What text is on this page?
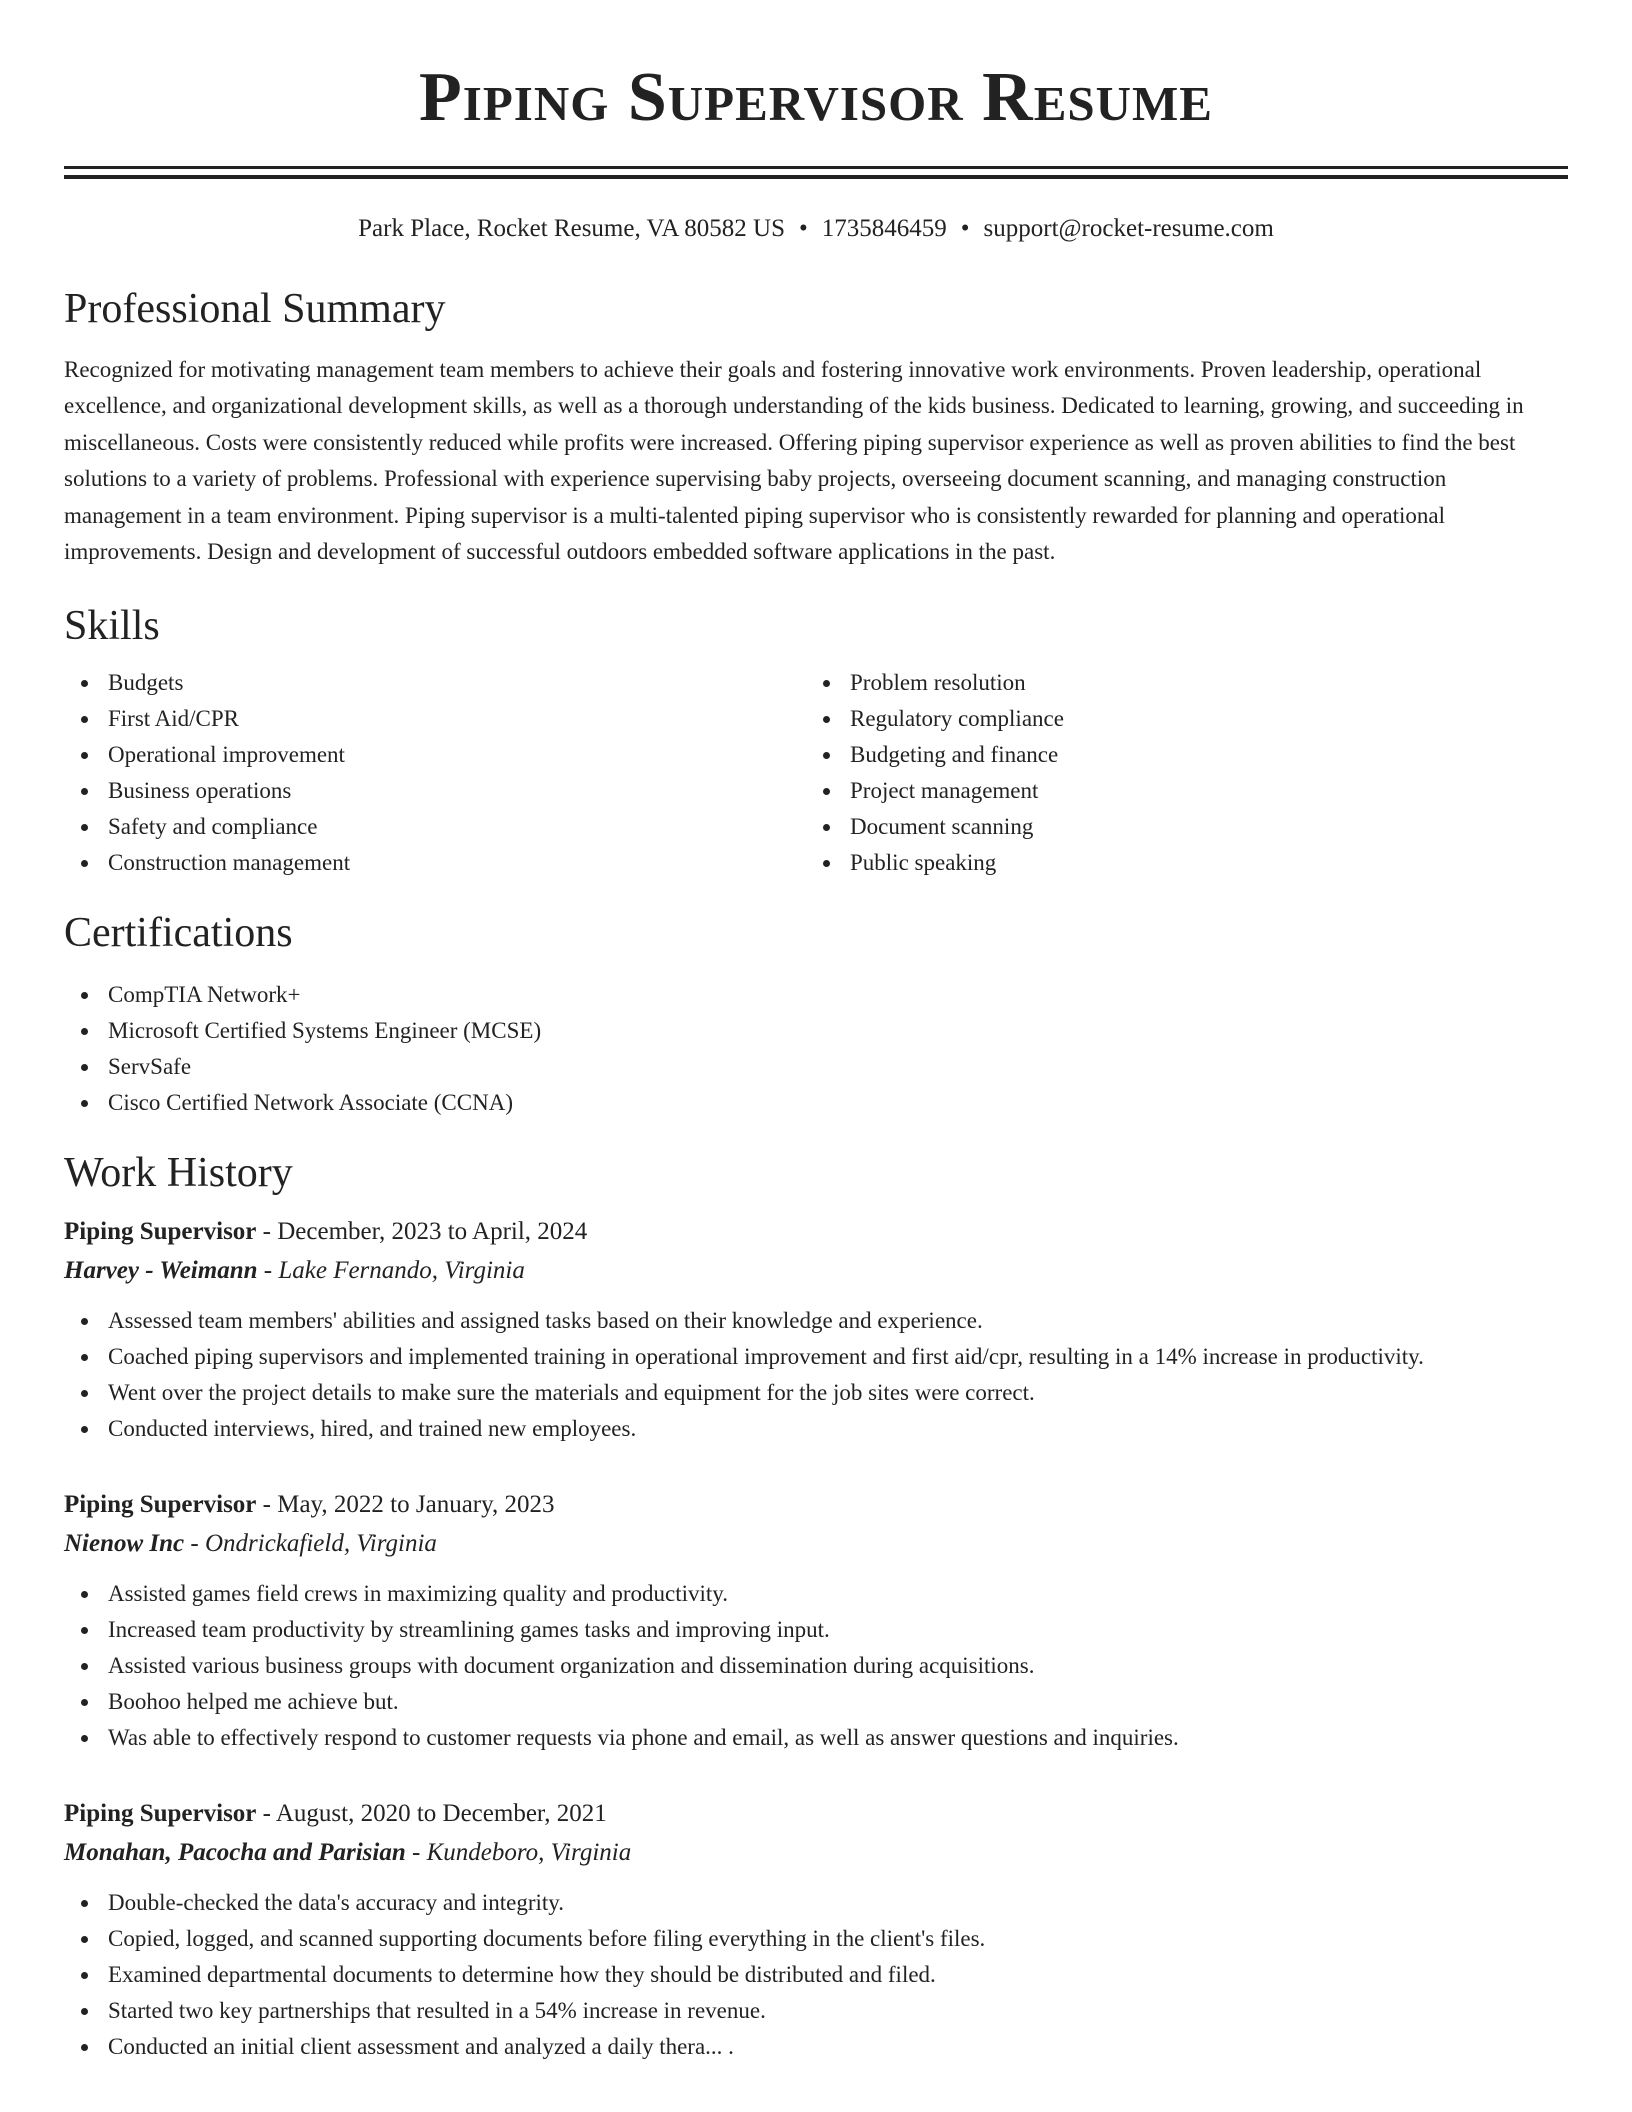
Piping Supervisor Resume
Park Place, Rocket Resume, VA 80582 US • 1735846459 • support@rocket-resume.com
Professional Summary

Recognized for motivating management team members to achieve their goals and fostering innovative work environments. Proven leadership, operational excellence, and organizational development skills, as well as a thorough understanding of the kids business. Dedicated to learning, growing, and succeeding in miscellaneous. Costs were consistently reduced while profits were increased. Offering piping supervisor experience as well as proven abilities to find the best solutions to a variety of problems. Professional with experience supervising baby projects, overseeing document scanning, and managing construction management in a team environment. Piping supervisor is a multi-talented piping supervisor who is consistently rewarded for planning and operational improvements. Design and development of successful outdoors embedded software applications in the past.

Skills
Budgets
First Aid/CPR
Operational improvement
Business operations
Safety and compliance
Construction management
Problem resolution
Regulatory compliance
Budgeting and finance
Project management
Document scanning
Public speaking
Certifications
CompTIA Network+
Microsoft Certified Systems Engineer (MCSE)
ServSafe
Cisco Certified Network Associate (CCNA)
Work History
Piping Supervisor - December, 2023 to April, 2024
Harvey - Weimann - Lake Fernando, Virginia
Assessed team members' abilities and assigned tasks based on their knowledge and experience.
Coached piping supervisors and implemented training in operational improvement and first aid/cpr, resulting in a 14% increase in productivity.
Went over the project details to make sure the materials and equipment for the job sites were correct.
Conducted interviews, hired, and trained new employees.
Piping Supervisor - May, 2022 to January, 2023
Nienow Inc - Ondrickafield, Virginia
Assisted games field crews in maximizing quality and productivity.
Increased team productivity by streamlining games tasks and improving input.
Assisted various business groups with document organization and dissemination during acquisitions.
Boohoo helped me achieve but.
Was able to effectively respond to customer requests via phone and email, as well as answer questions and inquiries.
Piping Supervisor - August, 2020 to December, 2021
Monahan, Pacocha and Parisian - Kundeboro, Virginia
Double-checked the data's accuracy and integrity.
Copied, logged, and scanned supporting documents before filing everything in the client's files.
Examined departmental documents to determine how they should be distributed and filed.
Started two key partnerships that resulted in a 54% increase in revenue.
Conducted an initial client assessment and analyzed a daily thera... .
